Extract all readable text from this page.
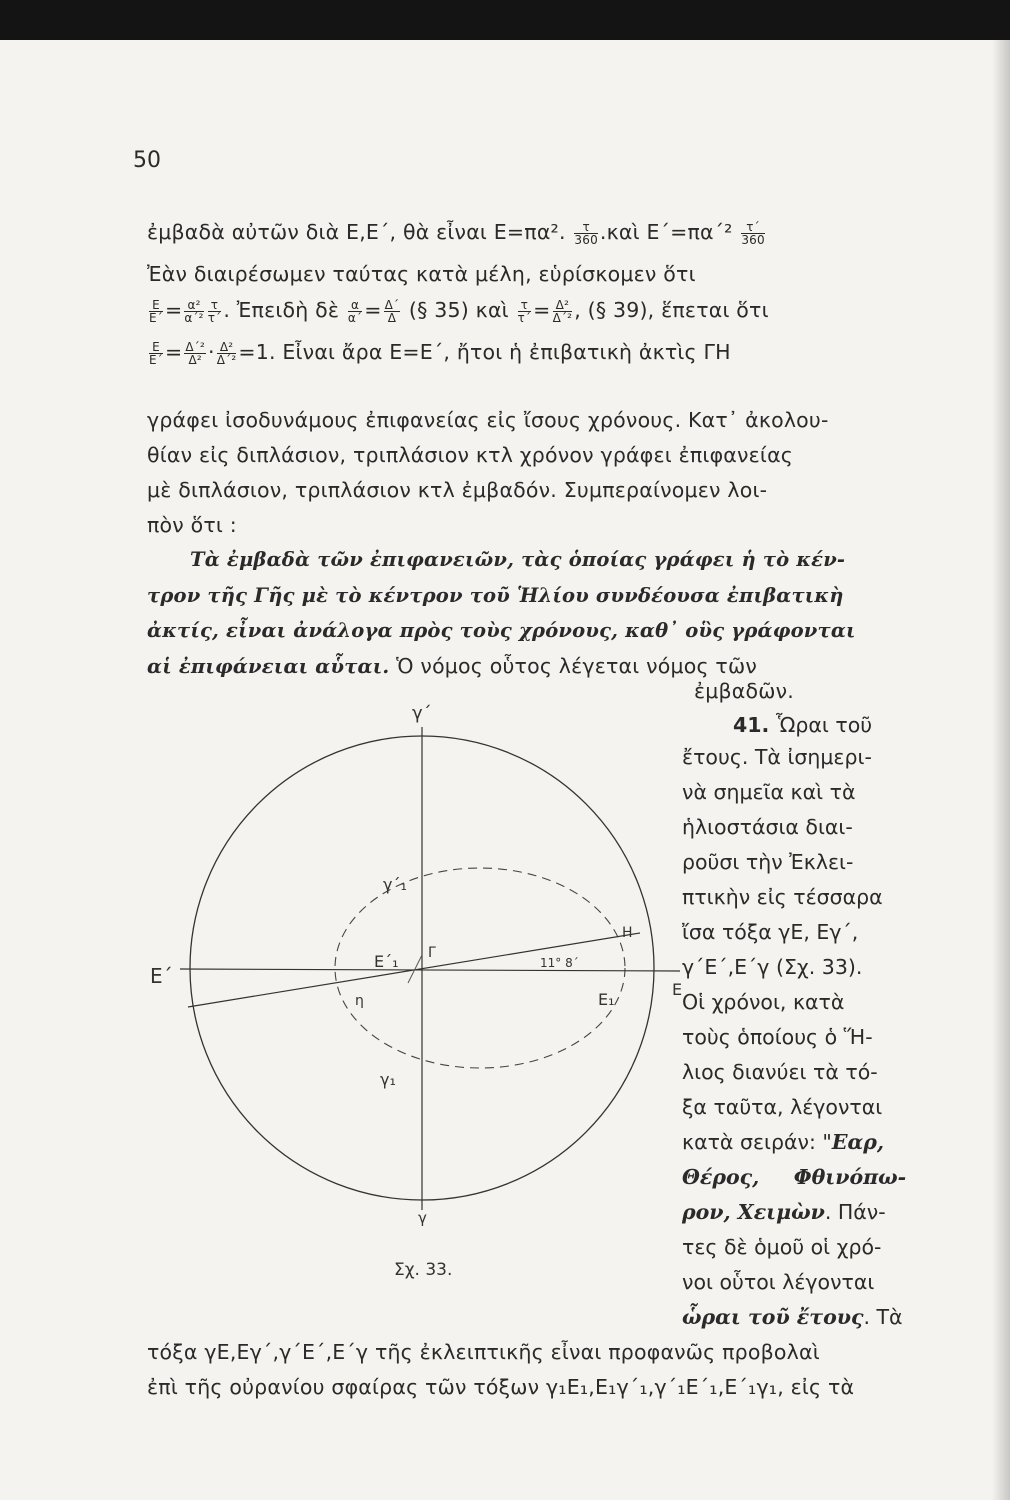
50
ἐμβαδὰ αὐτῶν διὰ Ε,Ε΄, θὰ εἶναι Ε=πα². $\frac{\tau}{360}$ .καὶ $E΄=\pi\alpha΄^2 \frac{\tau΄}{360}$
Ἐὰν διαιρέσωμεν ταύτας κατὰ μέλη, εὑρίσκομεν ὅτι
$\frac{E}{E΄} = \frac{\text{α²}}{\text{α΄²}} \frac{\tau}{\tau΄}$ . Ἐπειδὴ δὲ $\frac{\alpha}{\alpha΄} = \frac{\Delta΄}{\Delta}$ (§ 35) καὶ $\frac{\tau}{\tau΄} = \frac{\text{Δ²}}{\text{Δ΄²}}$ , (§ 39), ἕπεται ὅτι
$\frac{E}{E΄} = \frac{\text{Δ΄²}}{\text{Δ²}} \cdot \frac{\text{Δ²}}{\text{Δ΄²}} =1$. Εἶναι ἄρα Ε=Ε΄, ἤτοι ἡ ἐπιβατικὴ ἀκτὶς ΓΗ
γράφει ἰσοδυνάμους ἐπιφανείας εἰς ἴσους χρόνους. Κατ᾿ ἀκολου-
θίαν εἰς διπλάσιον, τριπλάσιον κτλ χρόνον γράφει ἐπιφανείας
μὲ διπλάσιον, τριπλάσιον κτλ ἐμβαδόν. Συμπεραίνομεν λοι-
πὸν ὅτι :
Τὰ ἐμβαδὰ τῶν ἐπιφανειῶν, τὰς ὁποίας γράφει ἡ τὸ κέν-
τρον τῆς Γῆς μὲ τὸ κέντρον τοῦ Ἡλίου συνδέουσα ἐπιβατικὴ
ἀκτίς, εἶναι ἀνάλογα πρὸς τοὺς χρόνους, καθ᾿ οὓς γράφονται
αἱ ἐπιφάνειαι αὗται. Ὁ νόμος οὗτος λέγεται νόμος τῶν
ἐμβαδῶν.
41. Ὧραι τοῦ
ἔτους. Τὰ ἰσημερι-
νὰ σημεῖα καὶ τὰ
ἡλιοστάσια διαι-
ροῦσι τὴν Ἐκλει-
πτικὴν εἰς τέσσαρα
ἴσα τόξα γΕ, Εγ΄,
γ΄Ε΄,Ε΄γ (Σχ. 33).
Οἱ χρόνοι, κατὰ
τοὺς ὁποίους ὁ Ἥ-
λιος διανύει τὰ τό-
ξα ταῦτα, λέγονται
κατὰ σειράν: "Εαρ,
Θέρος, Φθινόπω-
ρον, Χειμὼν. Πάν-
τες δὲ ὁμοῦ οἱ χρό-
νοι οὗτοι λέγονται
ὧραι τοῦ ἔτους. Τὰ
τόξα γΕ,Εγ΄,γ΄Ε΄,Ε΄γ τῆς ἐκλειπτικῆς εἶναι προφανῶς προβολαὶ
ἐπὶ τῆς οὐρανίου σφαίρας τῶν τόξων γ₁Ε₁,Ε₁γ΄₁,γ΄₁Ε΄₁,Ε΄₁γ₁, εἰς τὰ
γ΄
Ε΄
Ε
γ΄₁
γ₁
Ε΄₁
Ε₁
Γ
Η
η
11° 8΄
γ
Σχ. 33.
